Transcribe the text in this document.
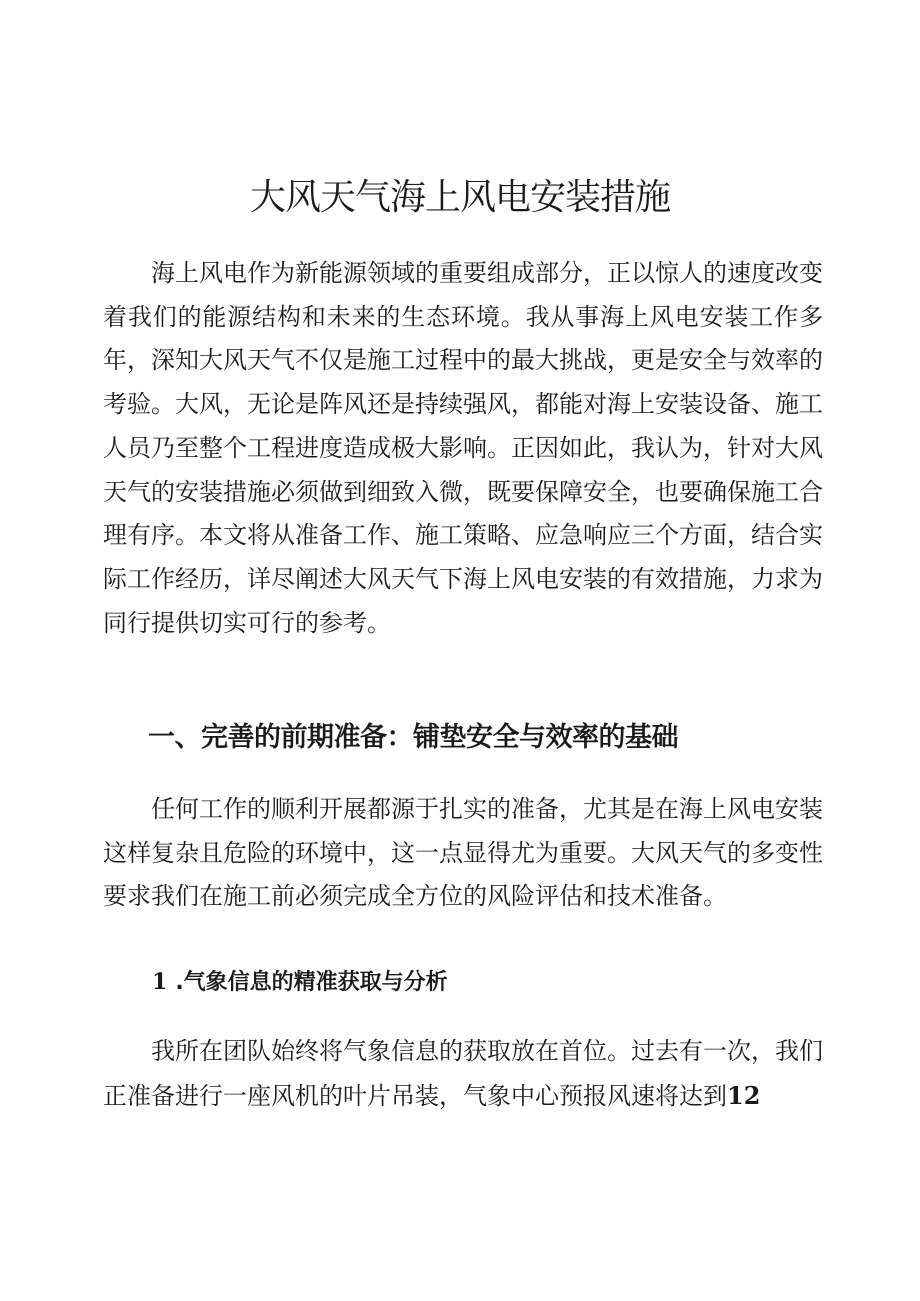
大风天气海上风电安装措施

海上风电作为新能源领域的重要组成部分，正以惊人的速度改变着我们的能源结构和未来的生态环境。我从事海上风电安装工作多年，深知大风天气不仅是施工过程中的最大挑战，更是安全与效率的考验。大风，无论是阵风还是持续强风，都能对海上安装设备、施工人员乃至整个工程进度造成极大影响。正因如此，我认为，针对大风天气的安装措施必须做到细致入微，既要保障安全，也要确保施工合理有序。本文将从准备工作、施工策略、应急响应三个方面，结合实际工作经历，详尽阐述大风天气下海上风电安装的有效措施，力求为同行提供切实可行的参考。

一、完善的前期准备：铺垫安全与效率的基础

任何工作的顺利开展都源于扎实的准备，尤其是在海上风电安装这样复杂且危险的环境中，这一点显得尤为重要。大风天气的多变性要求我们在施工前必须完成全方位的风险评估和技术准备。

1 .气象信息的精准获取与分析

我所在团队始终将气象信息的获取放在首位。过去有一次，我们正准备进行一座风机的叶片吊装，气象中心预报风速将达到12
